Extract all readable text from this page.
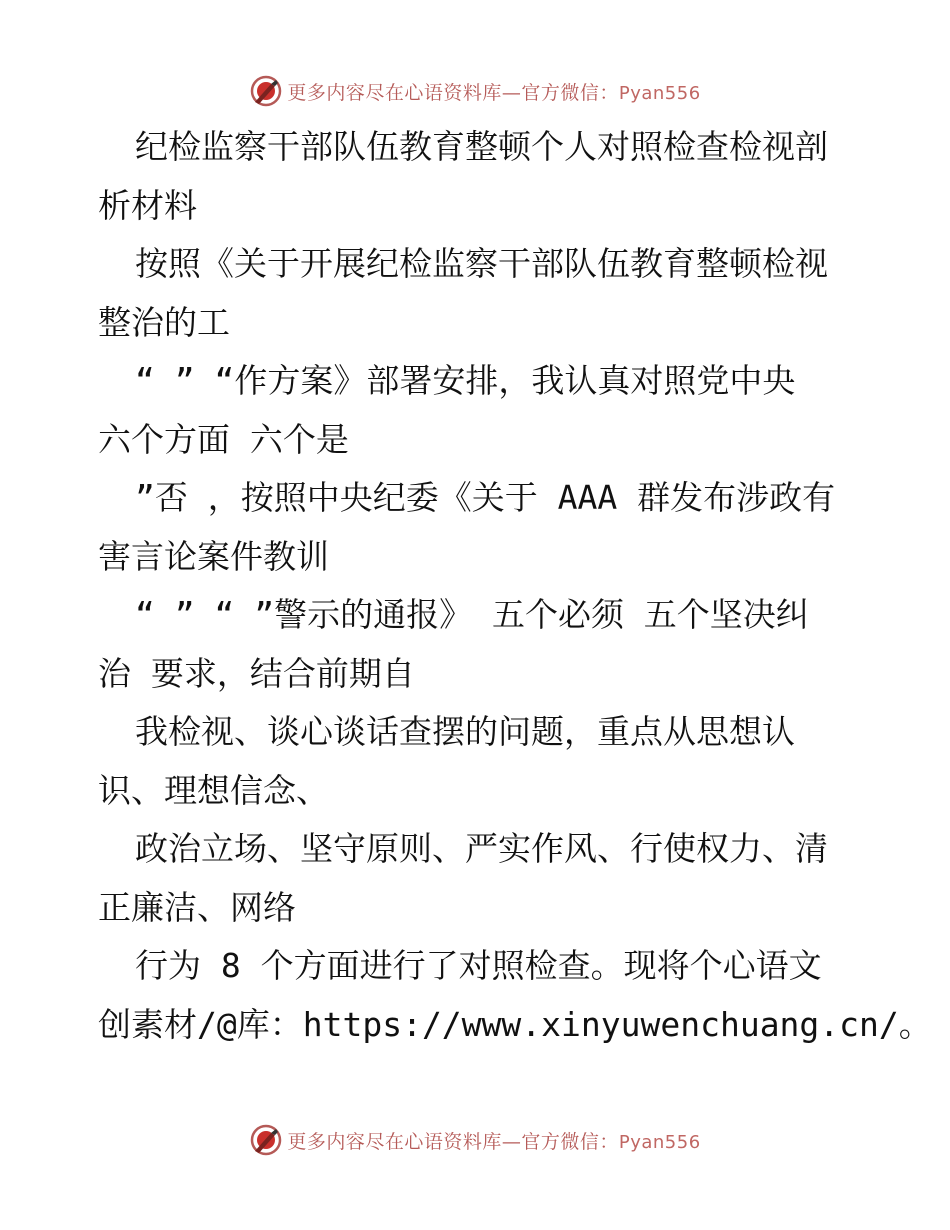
更多内容尽在心语资料库—官方微信：Pyan556
纪检监察干部队伍教育整顿个人对照检查检视剖
析材料
按照《关于开展纪检监察干部队伍教育整顿检视
整治的工
“ ” “作方案》部署安排，我认真对照党中央
六个方面 六个是
”否 ，按照中央纪委《关于 AAA 群发布涉政有
害言论案件教训
“ ” “ ”警示的通报》 五个必须 五个坚决纠
治 要求，结合前期自
我检视、谈心谈话查摆的问题，重点从思想认
识、理想信念、
政治立场、坚守原则、严实作风、行使权力、清
正廉洁、网络
行为 8 个方面进行了对照检查。现将个心语文
创素材/@库：https://www.xinyuwenchuang.cn/。
更多内容尽在心语资料库—官方微信：Pyan556
